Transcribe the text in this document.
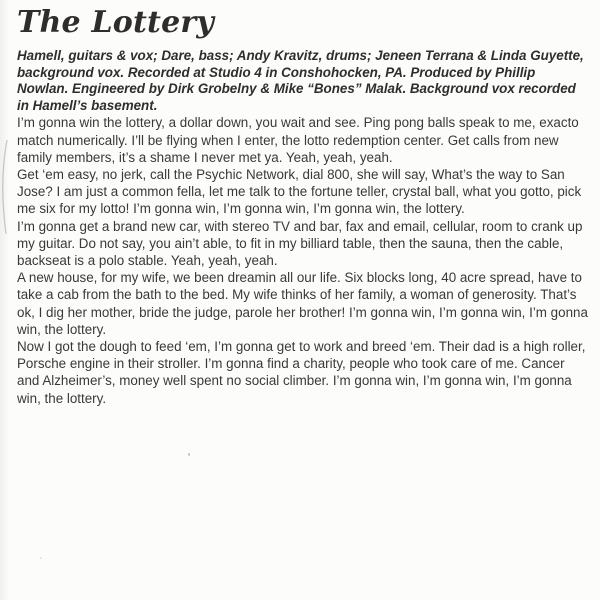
The Lottery

Hamell, guitars & vox; Dare, bass; Andy Kravitz, drums; Jeneen Terrana & Linda Guyette, background vox. Recorded at Studio 4 in Conshohocken, PA. Produced by Phillip Nowlan. Engineered by Dirk Grobelny & Mike “Bones” Malak. Background vox recorded in Hamell’s basement.

I’m gonna win the lottery, a dollar down, you wait and see. Ping pong balls speak to me, exacto match numerically. I’ll be flying when I enter, the lotto redemption center. Get calls from new family members, it’s a shame I never met ya. Yeah, yeah, yeah.

Get ‘em easy, no jerk, call the Psychic Network, dial 800, she will say, What’s the way to San Jose? I am just a common fella, let me talk to the fortune teller, crystal ball, what you gotto, pick me six for my lotto! I’m gonna win, I’m gonna win, I’m gonna win, the lottery.

I’m gonna get a brand new car, with stereo TV and bar, fax and email, cellular, room to crank up my guitar. Do not say, you ain’t able, to fit in my billiard table, then the sauna, then the cable, backseat is a polo stable. Yeah, yeah, yeah.

A new house, for my wife, we been dreamin all our life. Six blocks long, 40 acre spread, have to take a cab from the bath to the bed. My wife thinks of her family, a woman of generosity. That’s ok, I dig her mother, bride the judge, parole her brother! I’m gonna win, I’m gonna win, I’m gonna win, the lottery.

Now I got the dough to feed ‘em, I’m gonna get to work and breed ‘em. Their dad is a high roller, Porsche engine in their stroller. I’m gonna find a charity, people who took care of me. Cancer and Alzheimer’s, money well spent no social climber. I’m gonna win, I’m gonna win, I’m gonna win, the lottery.
